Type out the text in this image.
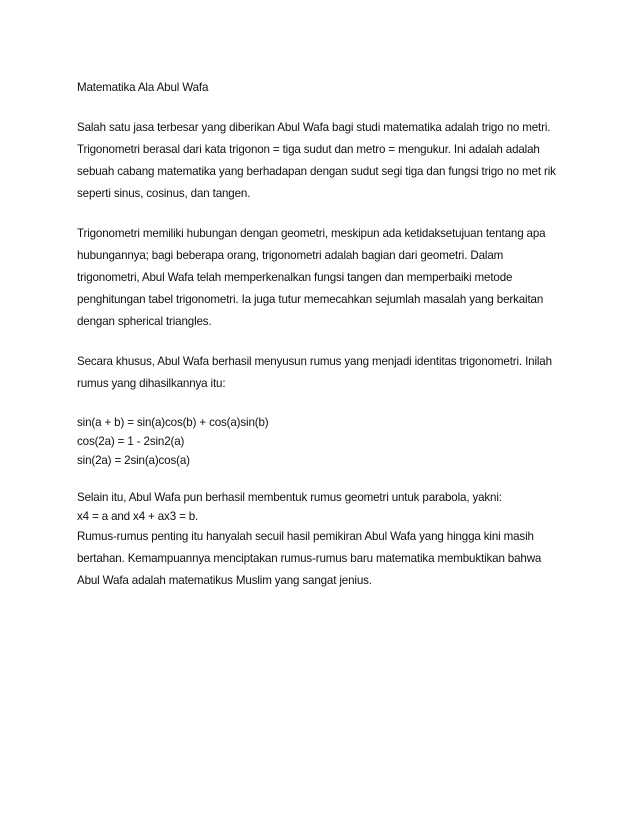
Matematika Ala Abul Wafa
Salah satu jasa terbesar yang diberikan Abul Wafa bagi studi matematika adalah trigo no metri.
Trigonometri berasal dari kata trigonon = tiga sudut dan metro = mengukur. Ini adalah adalah
sebuah cabang matematika yang berhadapan dengan sudut segi tiga dan fungsi trigo no met rik
seperti sinus, cosinus, dan tangen.
Trigonometri memiliki hubungan dengan geometri, meskipun ada ketidaksetujuan tentang apa
hubungannya; bagi beberapa orang, trigonometri adalah bagian dari geometri. Dalam
trigonometri, Abul Wafa telah memperkenalkan fungsi tangen dan memperbaiki metode
penghitungan tabel trigonometri. Ia juga tutur memecahkan sejumlah masalah yang berkaitan
dengan spherical triangles.
Secara khusus, Abul Wafa berhasil menyusun rumus yang menjadi identitas trigonometri. Inilah
rumus yang dihasilkannya itu:
sin(a + b) = sin(a)cos(b) + cos(a)sin(b)
cos(2a) = 1 - 2sin2(a)
sin(2a) = 2sin(a)cos(a)
Selain itu, Abul Wafa pun berhasil membentuk rumus geometri untuk parabola, yakni:
x4 = a and x4 + ax3 = b.
Rumus-rumus penting itu hanyalah secuil hasil pemikiran Abul Wafa yang hingga kini masih
bertahan. Kemampuannya menciptakan rumus-rumus baru matematika membuktikan bahwa
Abul Wafa adalah matematikus Muslim yang sangat jenius.
